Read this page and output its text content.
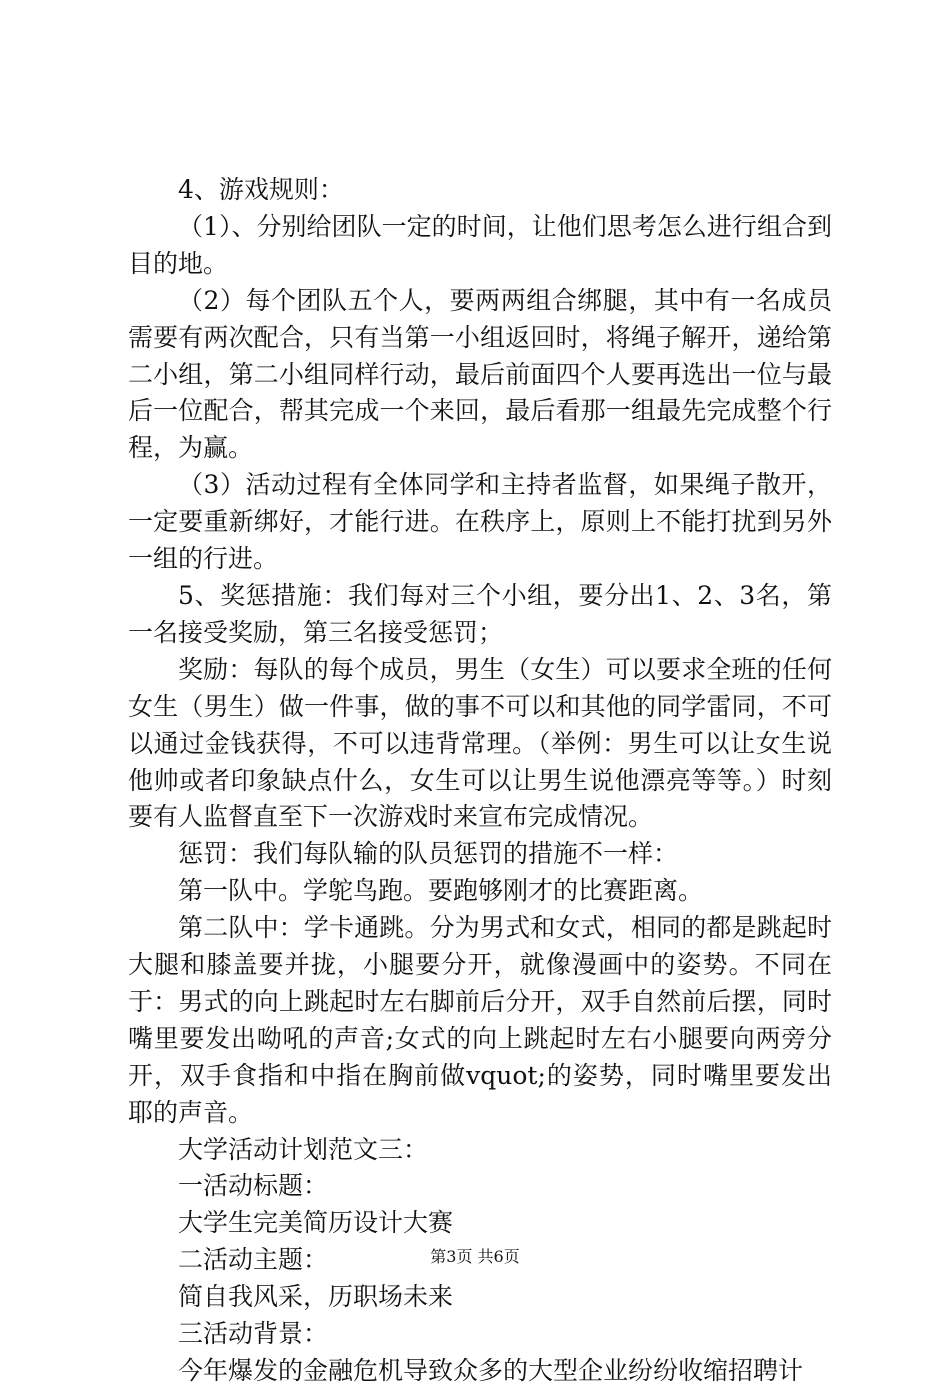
4、游戏规则：

（1）、分别给团队一定的时间，让他们思考怎么进行组合到目的地。

（2）每个团队五个人，要两两组合绑腿，其中有一名成员需要有两次配合，只有当第一小组返回时，将绳子解开，递给第二小组，第二小组同样行动，最后前面四个人要再选出一位与最后一位配合，帮其完成一个来回，最后看那一组最先完成整个行程，为赢。

（3）活动过程有全体同学和主持者监督，如果绳子散开，一定要重新绑好，才能行进。在秩序上，原则上不能打扰到另外一组的行进。

5、奖惩措施：我们每对三个小组，要分出1、2、3名，第一名接受奖励，第三名接受惩罚；

奖励：每队的每个成员，男生（女生）可以要求全班的任何女生（男生）做一件事，做的事不可以和其他的同学雷同，不可以通过金钱获得，不可以违背常理。（举例：男生可以让女生说他帅或者印象缺点什么，女生可以让男生说他漂亮等等。）时刻要有人监督直至下一次游戏时来宣布完成情况。

惩罚：我们每队输的队员惩罚的措施不一样：

第一队中。学鸵鸟跑。要跑够刚才的比赛距离。

第二队中：学卡通跳。分为男式和女式，相同的都是跳起时大腿和膝盖要并拢，小腿要分开，就像漫画中的姿势。不同在于：男式的向上跳起时左右脚前后分开，双手自然前后摆，同时嘴里要发出呦吼的声音;女式的向上跳起时左右小腿要向两旁分开，双手食指和中指在胸前做vquot;的姿势，同时嘴里要发出耶的声音。

大学活动计划范文三：

一活动标题：

大学生完美简历设计大赛

二活动主题：

简自我风采，历职场未来

三活动背景：

今年爆发的金融危机导致众多的大型企业纷纷收缩招聘计

第3页 共6页
